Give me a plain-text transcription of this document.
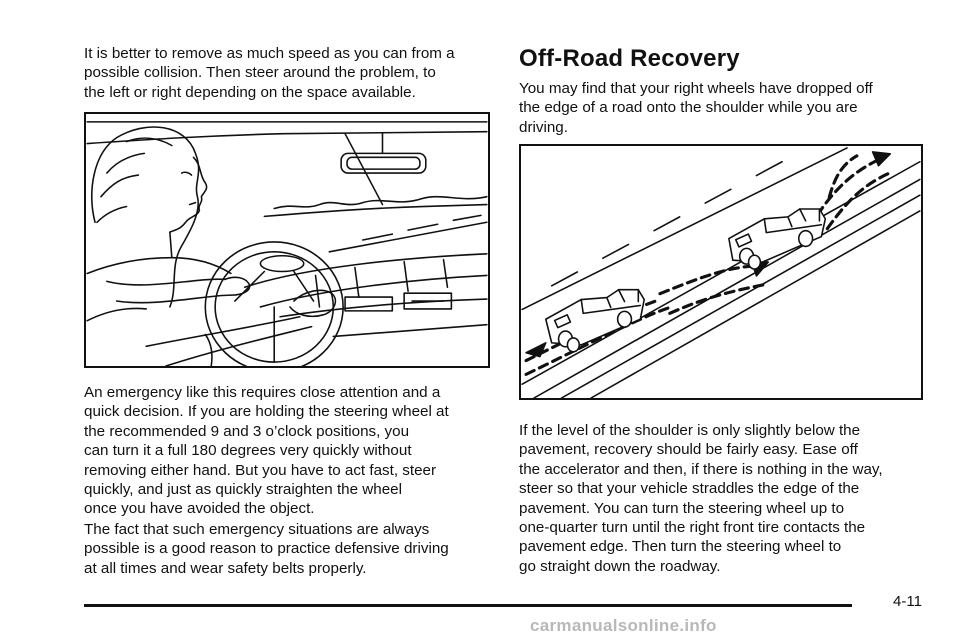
It is better to remove as much speed as you can from a
possible collision. Then steer around the problem, to
the left or right depending on the space available.

An emergency like this requires close attention and a
quick decision. If you are holding the steering wheel at
the recommended 9 and 3 o’clock positions, you
can turn it a full 180 degrees very quickly without
removing either hand. But you have to act fast, steer
quickly, and just as quickly straighten the wheel
once you have avoided the object.

The fact that such emergency situations are always
possible is a good reason to practice defensive driving
at all times and wear safety belts properly.

Off-Road Recovery

You may find that your right wheels have dropped off
the edge of a road onto the shoulder while you are
driving.

If the level of the shoulder is only slightly below the
pavement, recovery should be fairly easy. Ease off
the accelerator and then, if there is nothing in the way,
steer so that your vehicle straddles the edge of the
pavement. You can turn the steering wheel up to
one-quarter turn until the right front tire contacts the
pavement edge. Then turn the steering wheel to
go straight down the roadway.

4-11
carmanualsonline.info
